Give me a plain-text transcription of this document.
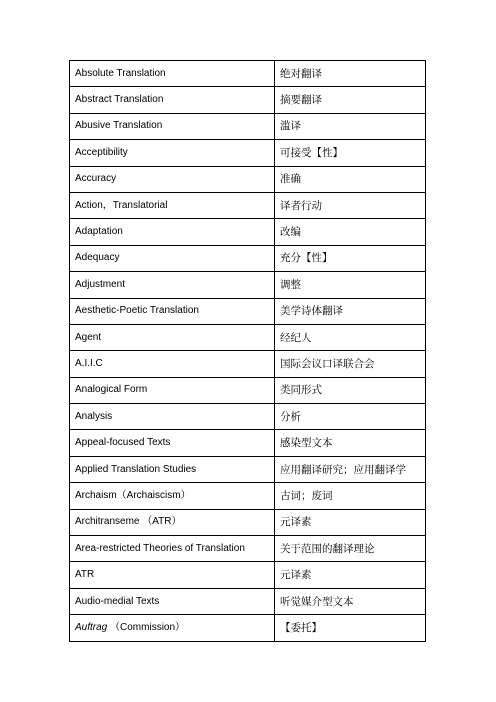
Absolute Translation	绝对翻译
Abstract Translation	摘要翻译
Abusive Translation	滥译
Acceptibility	可接受【性】
Accuracy	准确
Action，Translatorial	译者行动
Adaptation	改编
Adequacy	充分【性】
Adjustment	调整
Aesthetic-Poetic Translation	美学诗体翻译
Agent	经纪人
A.I.I.C	国际会议口译联合会
Analogical Form	类同形式
Analysis	分析
Appeal-focused Texts	感染型文本
Applied Translation Studies	应用翻译研究；应用翻译学
Archaism（Archaiscism）	古词；废词
Architranseme （ATR）	元译素
Area-restricted Theories of Translation	关于范围的翻译理论
ATR	元译素
Audio-medial Texts	听觉媒介型文本
Auftrag （Commission）	【委托】
